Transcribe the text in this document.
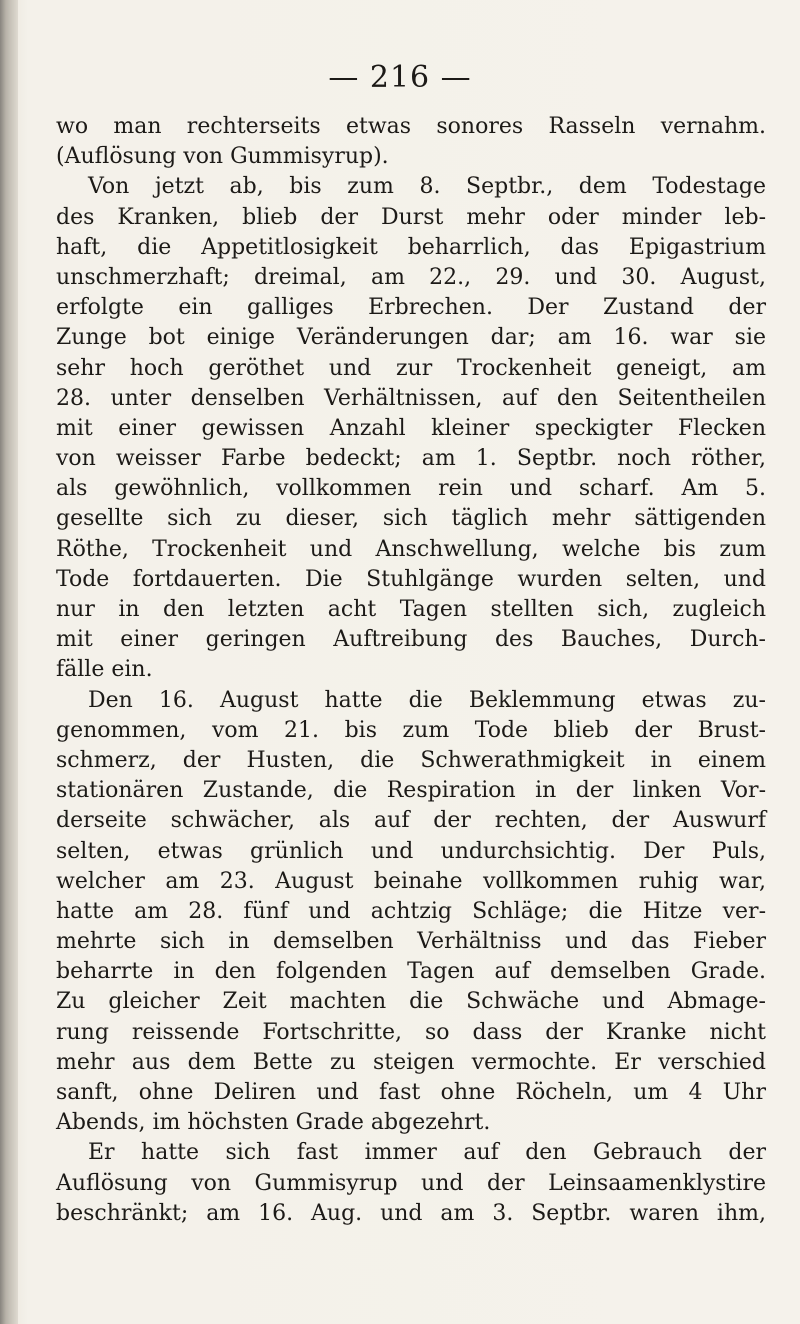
— 216 —
wo man rechterseits etwas sonores Rasseln vernahm.
(Auflösung von Gummisyrup).
Von jetzt ab, bis zum 8. Septbr., dem Todestage
des Kranken, blieb der Durst mehr oder minder leb-
haft, die Appetitlosigkeit beharrlich, das Epigastrium
unschmerzhaft; dreimal, am 22., 29. und 30. August,
erfolgte ein galliges Erbrechen. Der Zustand der
Zunge bot einige Veränderungen dar; am 16. war sie
sehr hoch geröthet und zur Trockenheit geneigt, am
28. unter denselben Verhältnissen, auf den Seitentheilen
mit einer gewissen Anzahl kleiner speckigter Flecken
von weisser Farbe bedeckt; am 1. Septbr. noch röther,
als gewöhnlich, vollkommen rein und scharf. Am 5.
gesellte sich zu dieser, sich täglich mehr sättigenden
Röthe, Trockenheit und Anschwellung, welche bis zum
Tode fortdauerten. Die Stuhlgänge wurden selten, und
nur in den letzten acht Tagen stellten sich, zugleich
mit einer geringen Auftreibung des Bauches, Durch-
fälle ein.
Den 16. August hatte die Beklemmung etwas zu-
genommen, vom 21. bis zum Tode blieb der Brust-
schmerz, der Husten, die Schwerathmigkeit in einem
stationären Zustande, die Respiration in der linken Vor-
derseite schwächer, als auf der rechten, der Auswurf
selten, etwas grünlich und undurchsichtig. Der Puls,
welcher am 23. August beinahe vollkommen ruhig war,
hatte am 28. fünf und achtzig Schläge; die Hitze ver-
mehrte sich in demselben Verhältniss und das Fieber
beharrte in den folgenden Tagen auf demselben Grade.
Zu gleicher Zeit machten die Schwäche und Abmage-
rung reissende Fortschritte, so dass der Kranke nicht
mehr aus dem Bette zu steigen vermochte. Er verschied
sanft, ohne Deliren und fast ohne Röcheln, um 4 Uhr
Abends, im höchsten Grade abgezehrt.
Er hatte sich fast immer auf den Gebrauch der
Auflösung von Gummisyrup und der Leinsaamenklystire
beschränkt; am 16. Aug. und am 3. Septbr. waren ihm,
